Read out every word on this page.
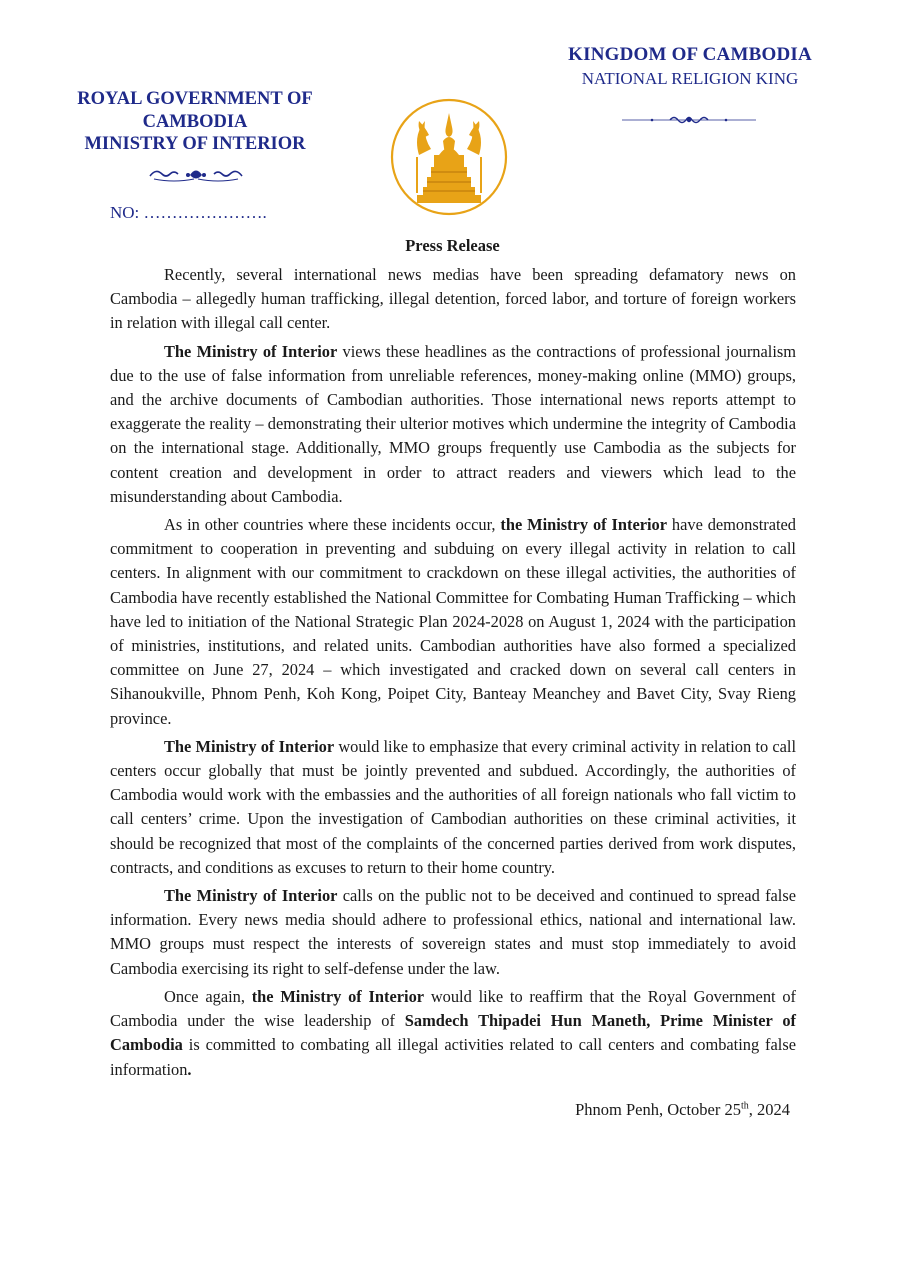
KINGDOM OF CAMBODIA
NATIONAL RELIGION KING
ROYAL GOVERNMENT OF
CAMBODIA
MINISTRY OF INTERIOR
NO: ………………….
Press Release

Recently, several international news medias have been spreading defamatory news on Cambodia – allegedly human trafficking, illegal detention, forced labor, and torture of foreign workers in relation with illegal call center.

The Ministry of Interior views these headlines as the contractions of professional journalism due to the use of false information from unreliable references, money-making online (MMO) groups, and the archive documents of Cambodian authorities. Those international news reports attempt to exaggerate the reality – demonstrating their ulterior motives which undermine the integrity of Cambodia on the international stage. Additionally, MMO groups frequently use Cambodia as the subjects for content creation and development in order to attract readers and viewers which lead to the misunderstanding about Cambodia.

As in other countries where these incidents occur, the Ministry of Interior have demonstrated commitment to cooperation in preventing and subduing on every illegal activity in relation to call centers. In alignment with our commitment to crackdown on these illegal activities, the authorities of Cambodia have recently established the National Committee for Combating Human Trafficking – which have led to initiation of the National Strategic Plan 2024-2028 on August 1, 2024 with the participation of ministries, institutions, and related units. Cambodian authorities have also formed a specialized committee on June 27, 2024 – which investigated and cracked down on several call centers in Sihanoukville, Phnom Penh, Koh Kong, Poipet City, Banteay Meanchey and Bavet City, Svay Rieng province.

The Ministry of Interior would like to emphasize that every criminal activity in relation to call centers occur globally that must be jointly prevented and subdued. Accordingly, the authorities of Cambodia would work with the embassies and the authorities of all foreign nationals who fall victim to call centers’ crime. Upon the investigation of Cambodian authorities on these criminal activities, it should be recognized that most of the complaints of the concerned parties derived from work disputes, contracts, and conditions as excuses to return to their home country.

The Ministry of Interior calls on the public not to be deceived and continued to spread false information. Every news media should adhere to professional ethics, national and international law. MMO groups must respect the interests of sovereign states and must stop immediately to avoid Cambodia exercising its right to self-defense under the law.

Once again, the Ministry of Interior would like to reaffirm that the Royal Government of Cambodia under the wise leadership of Samdech Thipadei Hun Maneth, Prime Minister of Cambodia is committed to combating all illegal activities related to call centers and combating false information.

Phnom Penh, October 25th, 2024
